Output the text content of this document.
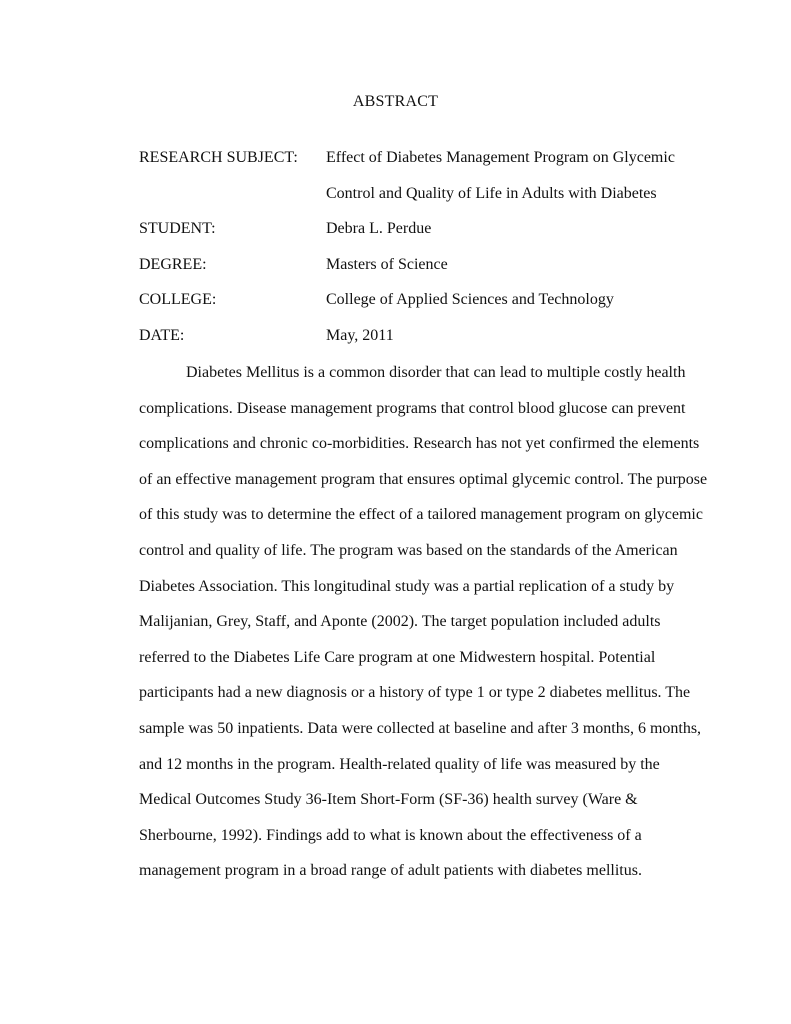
ABSTRACT
RESEARCH SUBJECT:	Effect of Diabetes Management Program on Glycemic
Control and Quality of Life in Adults with Diabetes
STUDENT:	Debra L. Perdue
DEGREE:	Masters of Science
COLLEGE:	College of Applied Sciences and Technology
DATE:	May, 2011
Diabetes Mellitus is a common disorder that can lead to multiple costly health
complications. Disease management programs that control blood glucose can prevent
complications and chronic co-morbidities. Research has not yet confirmed the elements
of an effective management program that ensures optimal glycemic control. The purpose
of this study was to determine the effect of a tailored management program on glycemic
control and quality of life. The program was based on the standards of the American
Diabetes Association. This longitudinal study was a partial replication of a study by
Malijanian, Grey, Staff, and Aponte (2002). The target population included adults
referred to the Diabetes Life Care program at one Midwestern hospital. Potential
participants had a new diagnosis or a history of type 1 or type 2 diabetes mellitus. The
sample was 50 inpatients. Data were collected at baseline and after 3 months, 6 months,
and 12 months in the program. Health-related quality of life was measured by the
Medical Outcomes Study 36-Item Short-Form (SF-36) health survey (Ware &
Sherbourne, 1992). Findings add to what is known about the effectiveness of a
management program in a broad range of adult patients with diabetes mellitus.
